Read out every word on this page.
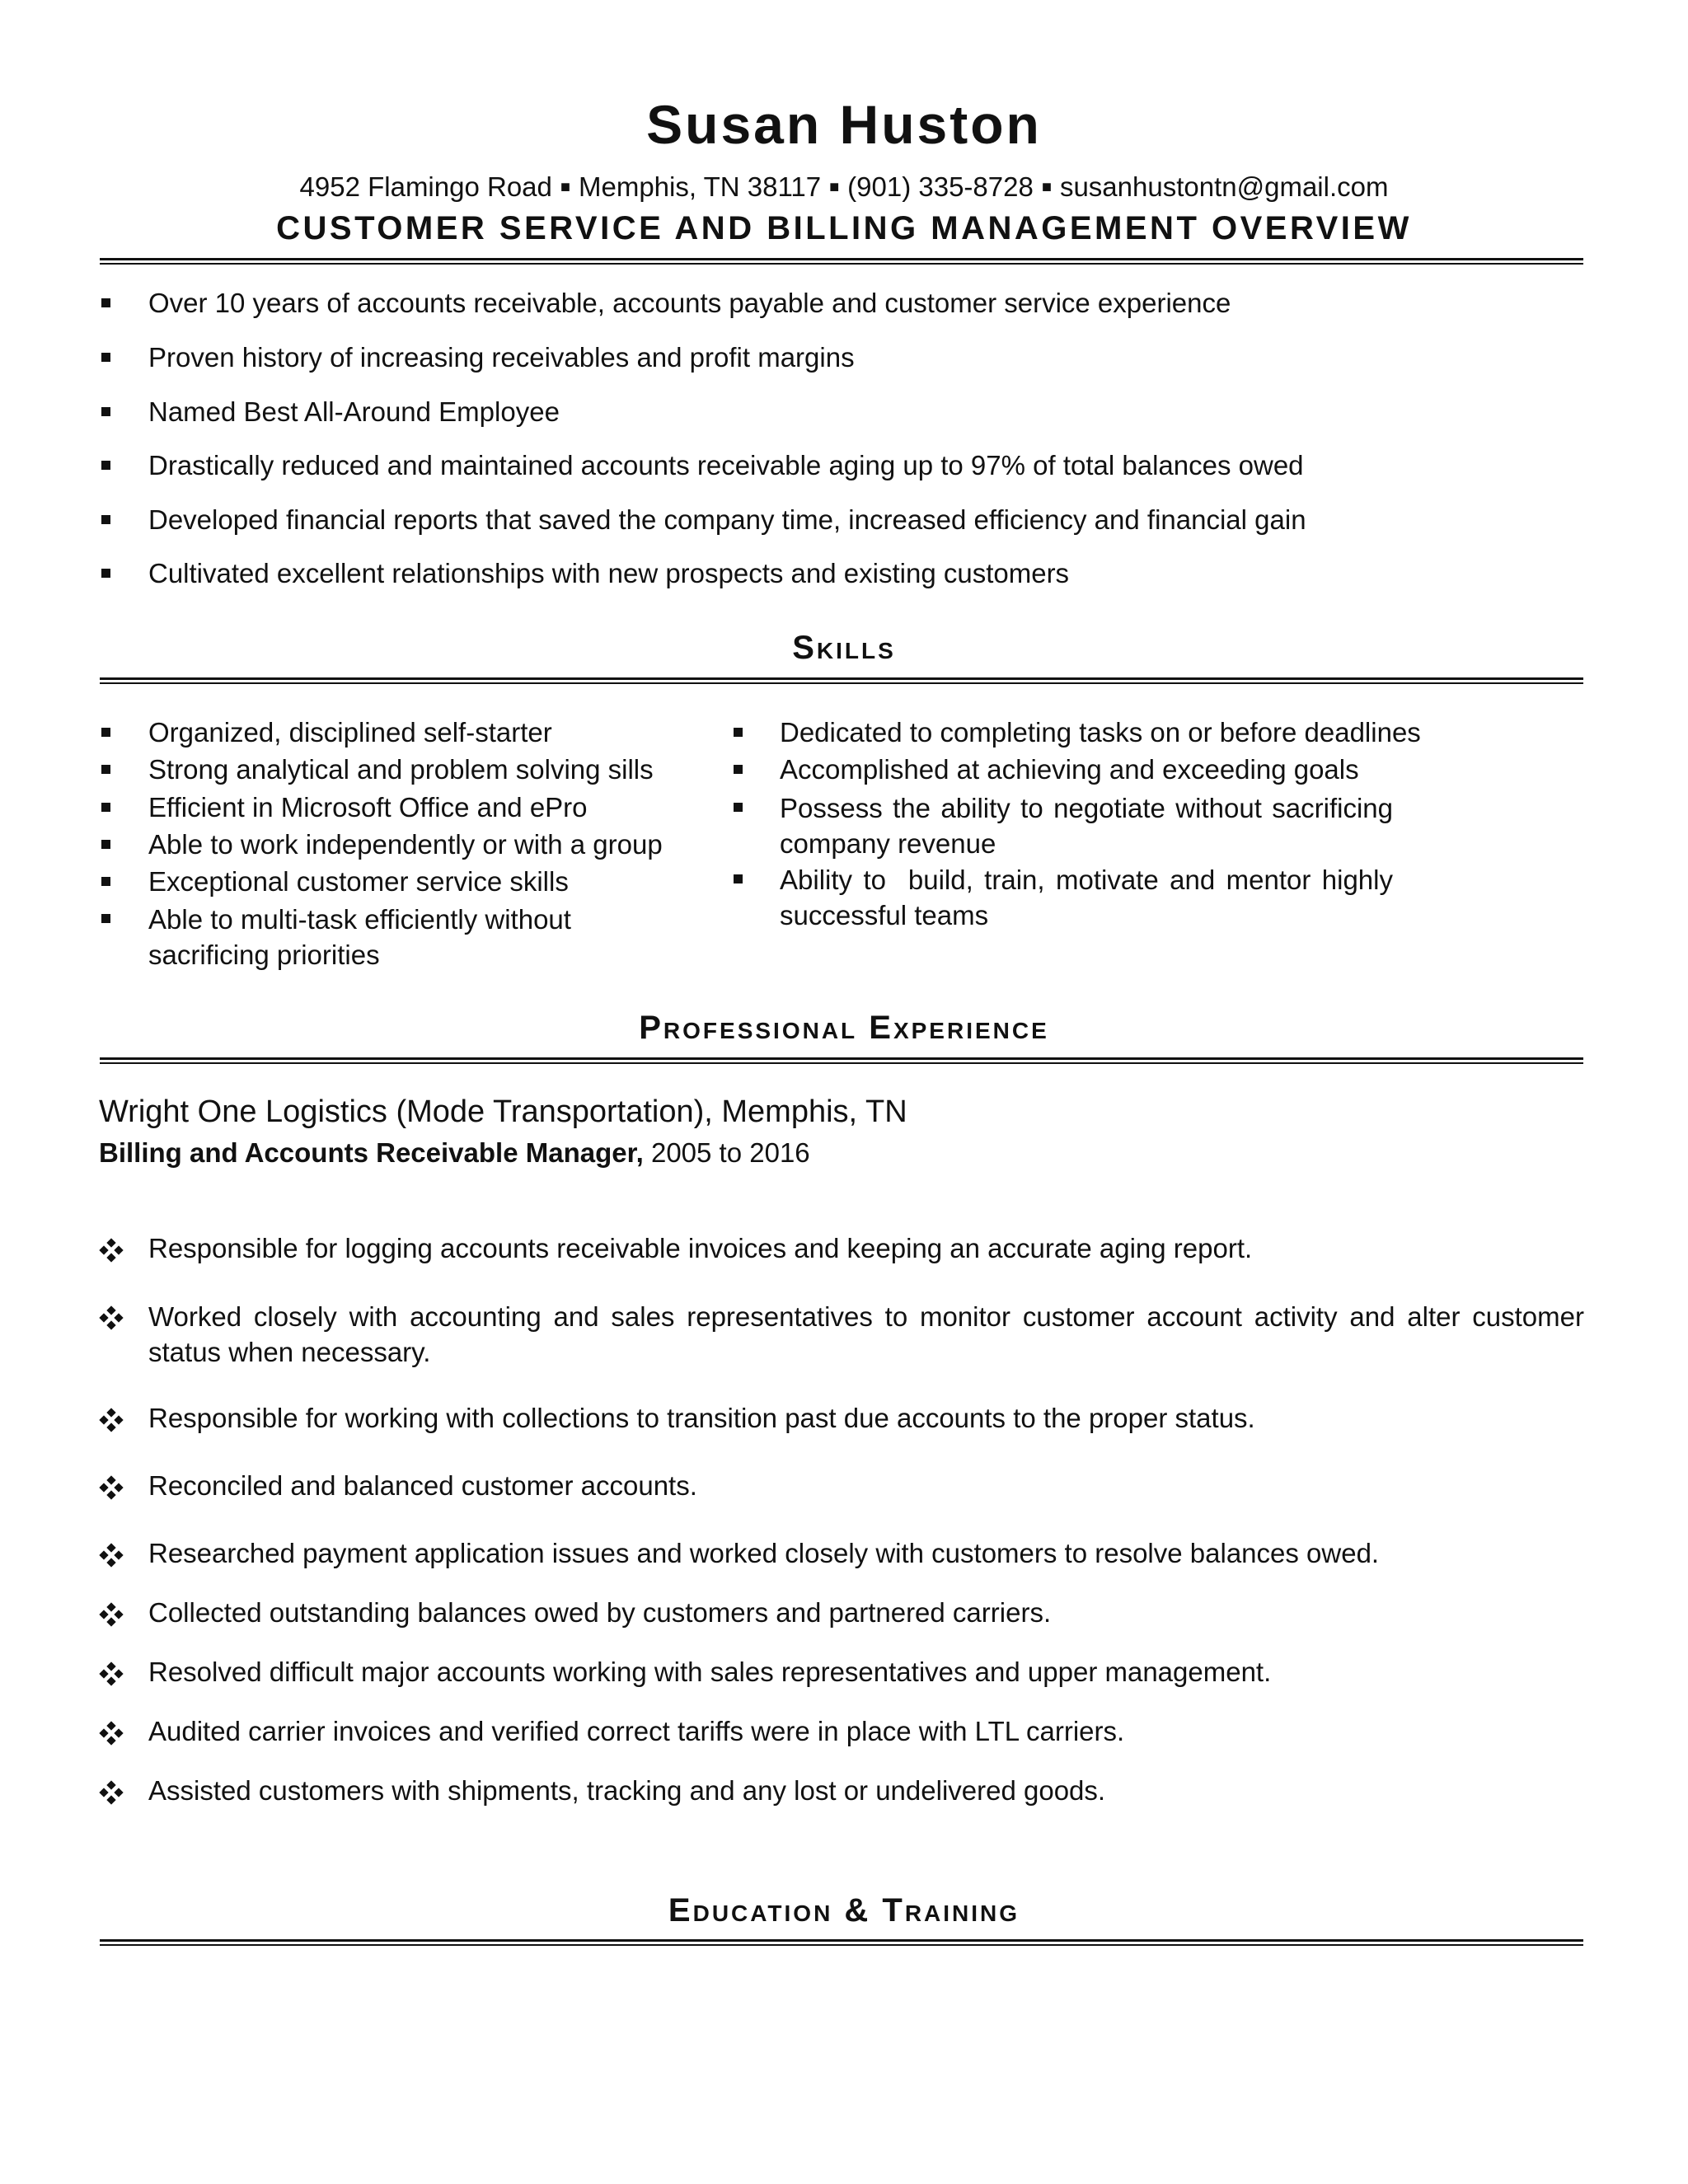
Susan Huston
4952 Flamingo Road ■ Memphis, TN 38117 ■ (901) 335-8728 ■ susanhustontn@gmail.com
CUSTOMER SERVICE AND BILLING MANAGEMENT OVERVIEW
Over 10 years of accounts receivable, accounts payable and customer service experience
Proven history of increasing receivables and profit margins
Named Best All-Around Employee
Drastically reduced and maintained accounts receivable aging up to 97% of total balances owed
Developed financial reports that saved the company time, increased efficiency and financial gain
Cultivated excellent relationships with new prospects and existing customers
Skills
Organized, disciplined self-starter
Strong analytical and problem solving sills
Efficient in Microsoft Office and ePro
Able to work independently or with a group
Exceptional customer service skills
Able to multi-task efficiently without sacrificing priorities
Dedicated to completing tasks on or before deadlines
Accomplished at achieving and exceeding goals
Possess the ability to negotiate without sacrificing company revenue
Ability to  build, train, motivate and mentor highly successful teams
Professional Experience
Wright One Logistics (Mode Transportation), Memphis, TN
Billing and Accounts Receivable Manager, 2005 to 2016
Responsible for logging accounts receivable invoices and keeping an accurate aging report.
Worked closely with accounting and sales representatives to monitor customer account activity and alter customer status when necessary.
Responsible for working with collections to transition past due accounts to the proper status.
Reconciled and balanced customer accounts.
Researched payment application issues and worked closely with customers to resolve balances owed.
Collected outstanding balances owed by customers and partnered carriers.
Resolved difficult major accounts working with sales representatives and upper management.
Audited carrier invoices and verified correct tariffs were in place with LTL carriers.
Assisted customers with shipments, tracking and any lost or undelivered goods.
Education & Training
